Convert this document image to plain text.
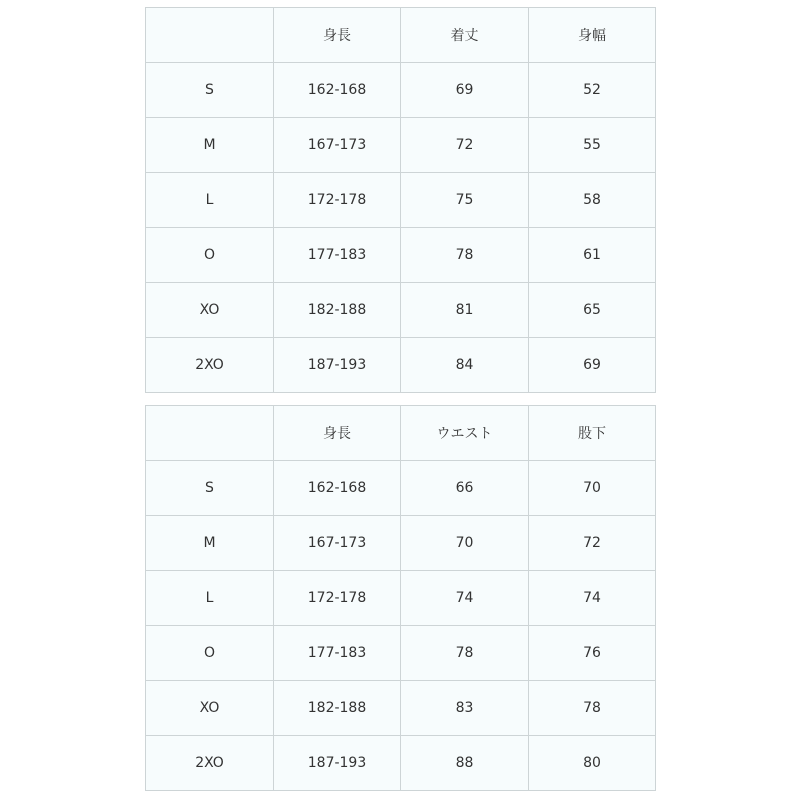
	身長	着丈	身幅
S	162-168	69	52
M	167-173	72	55
L	172-178	75	58
O	177-183	78	61
XO	182-188	81	65
2XO	187-193	84	69
	身長	ウエスト	股下
S	162-168	66	70
M	167-173	70	72
L	172-178	74	74
O	177-183	78	76
XO	182-188	83	78
2XO	187-193	88	80
